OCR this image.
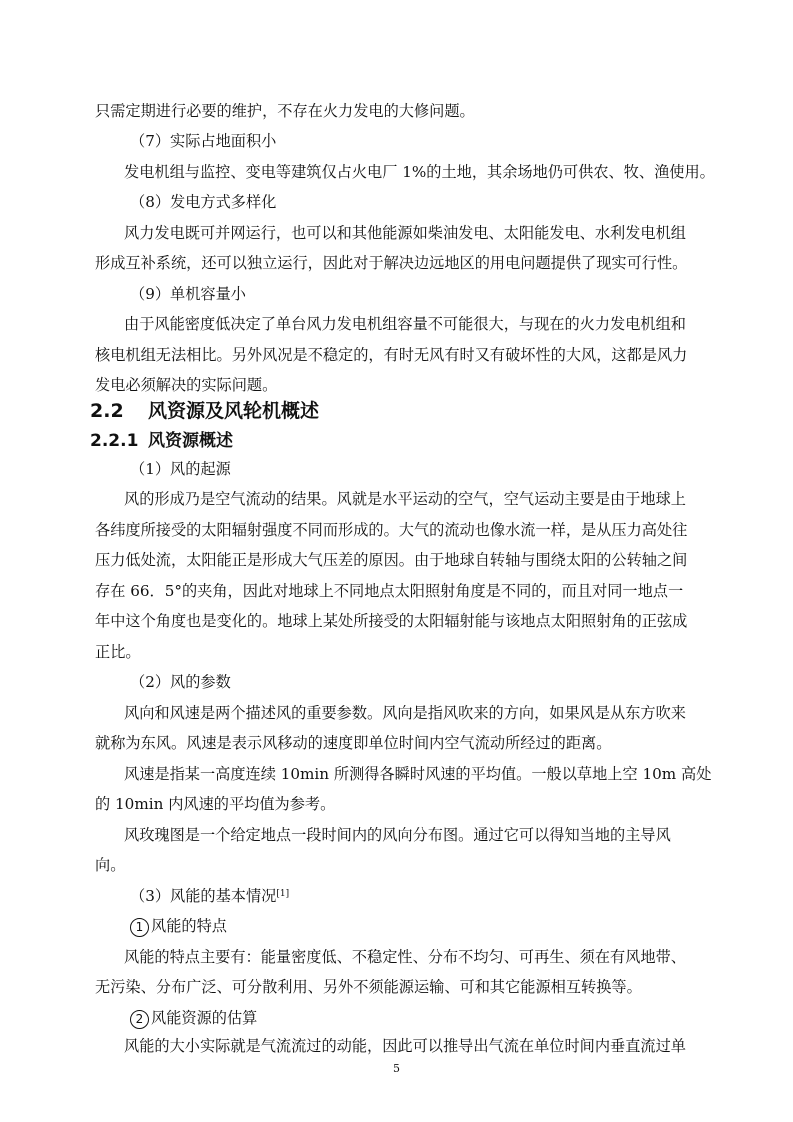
只需定期进行必要的维护，不存在火力发电的大修问题。
（7）实际占地面积小
发电机组与监控、变电等建筑仅占火电厂 1%的土地，其余场地仍可供农、牧、渔使用。
（8）发电方式多样化
风力发电既可并网运行，也可以和其他能源如柴油发电、太阳能发电、水利发电机组
形成互补系统，还可以独立运行，因此对于解决边远地区的用电问题提供了现实可行性。
（9）单机容量小
由于风能密度低决定了单台风力发电机组容量不可能很大，与现在的火力发电机组和
核电机组无法相比。另外风况是不稳定的，有时无风有时又有破坏性的大风，这都是风力
发电必须解决的实际问题。
2.2 风资源及风轮机概述
2.2.1 风资源概述
（1）风的起源
风的形成乃是空气流动的结果。风就是水平运动的空气，空气运动主要是由于地球上
各纬度所接受的太阳辐射强度不同而形成的。大气的流动也像水流一样，是从压力高处往
压力低处流，太阳能正是形成大气压差的原因。由于地球自转轴与围绕太阳的公转轴之间
存在 66．5°的夹角，因此对地球上不同地点太阳照射角度是不同的，而且对同一地点一
年中这个角度也是变化的。地球上某处所接受的太阳辐射能与该地点太阳照射角的正弦成
正比。
（2）风的参数
风向和风速是两个描述风的重要参数。风向是指风吹来的方向，如果风是从东方吹来
就称为东风。风速是表示风移动的速度即单位时间内空气流动所经过的距离。
风速是指某一高度连续 10min 所测得各瞬时风速的平均值。一般以草地上空 10m 高处
的 10min 内风速的平均值为参考。
风玫瑰图是一个给定地点一段时间内的风向分布图。通过它可以得知当地的主导风
向。
（3）风能的基本情况[1]
1 风能的特点
风能的特点主要有：能量密度低、不稳定性、分布不均匀、可再生、须在有风地带、
无污染、分布广泛、可分散利用、另外不须能源运输、可和其它能源相互转换等。
2 风能资源的估算
风能的大小实际就是气流流过的动能，因此可以推导出气流在单位时间内垂直流过单
5
